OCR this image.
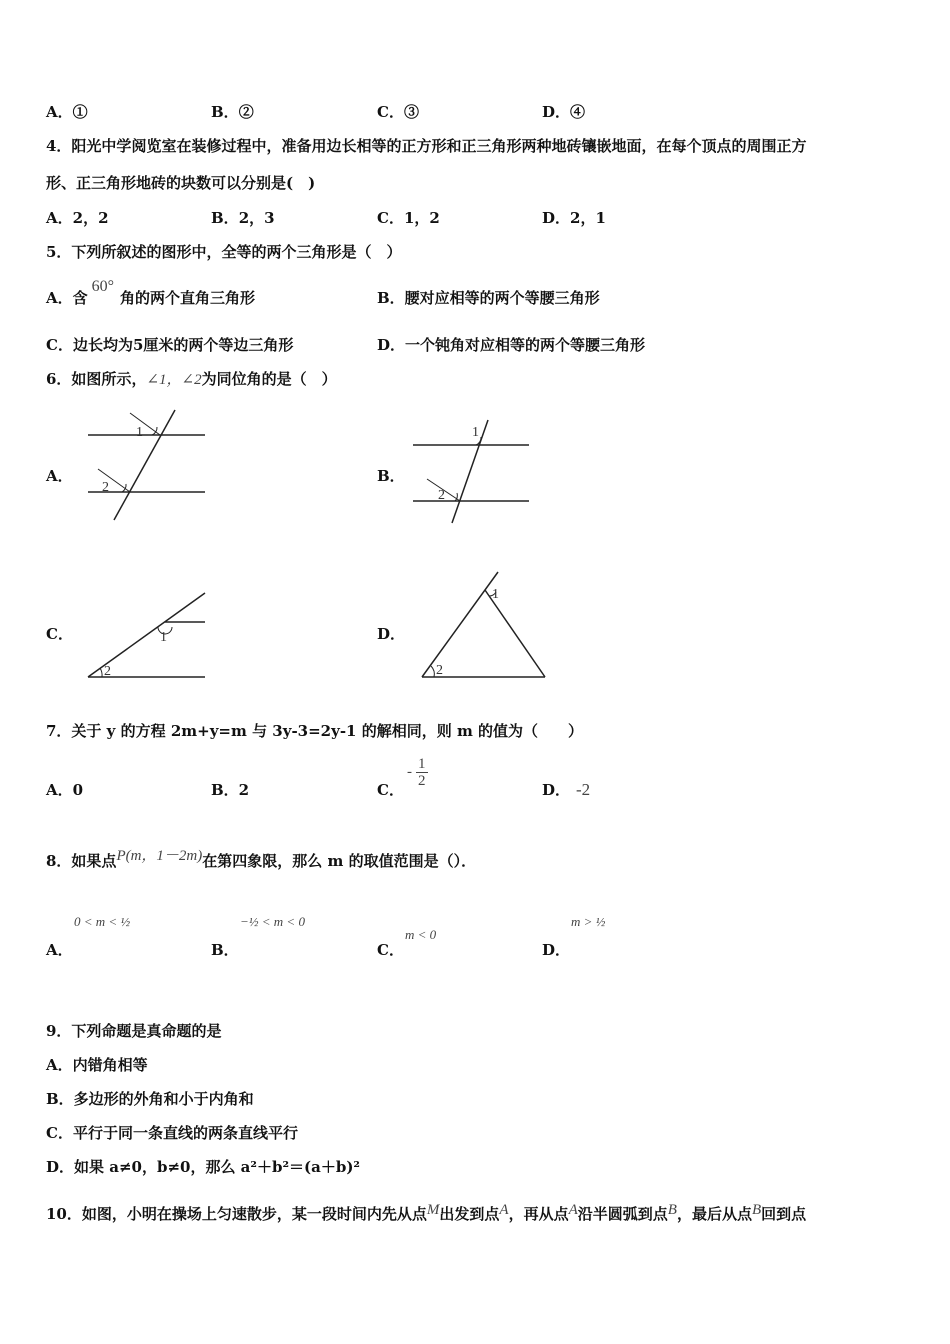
A．①	B．②	C．③	D．④
4．阳光中学阅览室在装修过程中，准备用边长相等的正方形和正三角形两种地砖镶嵌地面，在每个顶点的周围正方
形、正三角形地砖的块数可以分别是(　)
A．2，2	B．2，3	C．1，2	D．2，1
5．下列所叙述的图形中，全等的两个三角形是（　）
A．含60°角的两个直角三角形	B．腰对应相等的两个等腰三角形
C．边长均为5厘米的两个等边三角形	D．一个钝角对应相等的两个等腰三角形
6．如图所示，∠1，∠2为同位角的是（　）
A．
1
2
B．
1
2
C．	1
2
D．
1
2
7．关于 y 的方程 2m+y=m 与 3y-3=2y-1 的解相同，则 m 的值为（　　）
A．0	B．2	C．
- $\frac{1}{2}$
D． -2
8．如果点P(m，1－2m)在第四象限，那么 m 的取值范围是（）．
A．
0 < m < ½
B．
−½ < m < 0
C．
m < 0
D．
m > ½
9．下列命题是真命题的是
A．内错角相等
B．多边形的外角和小于内角和
C．平行于同一条直线的两条直线平行
D．如果 a≠0，b≠0，那么 a²＋b²＝(a＋b)²
10．如图，小明在操场上匀速散步，某一段时间内先从点M出发到点A，再从点A沿半圆弧到点B，最后从点B回到点
